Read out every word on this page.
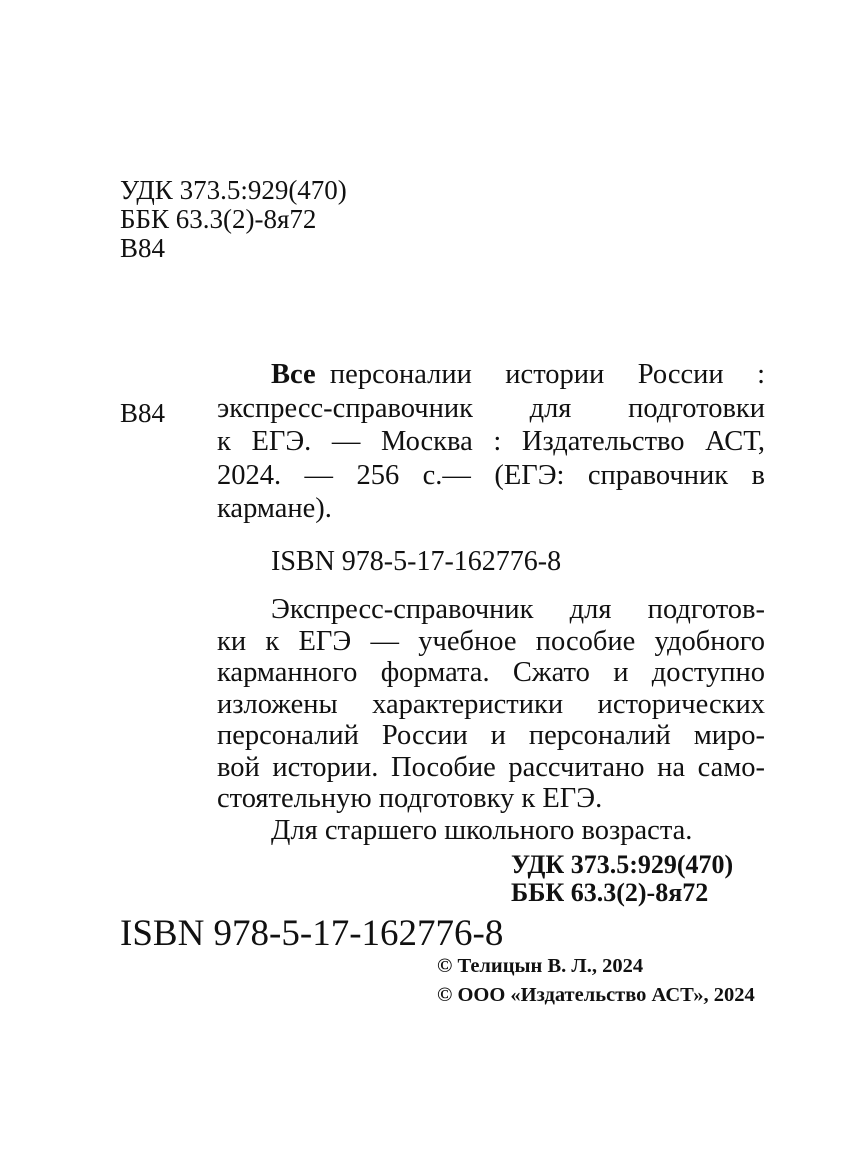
УДК 373.5:929(470)
ББК 63.3(2)-8я72
В84
В84
Все  персоналии истории России :
экспресс-справочник для подготовки
к ЕГЭ. — Москва : Издательство АСТ,
2024. — 256 с.— (ЕГЭ: справочник в
кармане).
ISBN 978-5-17-162776-8
Экспресс-справочник для подготов-
ки к ЕГЭ — учебное пособие удобного
карманного формата. Сжато и доступно
изложены характеристики исторических
персоналий России и персоналий миро-
вой истории. Пособие рассчитано на само-
стоятельную подготовку к ЕГЭ.
Для старшего школьного возраста.
УДК 373.5:929(470)
ББК 63.3(2)-8я72
ISBN 978-5-17-162776-8
© Телицын В. Л., 2024
© ООО «Издательство АСТ», 2024
